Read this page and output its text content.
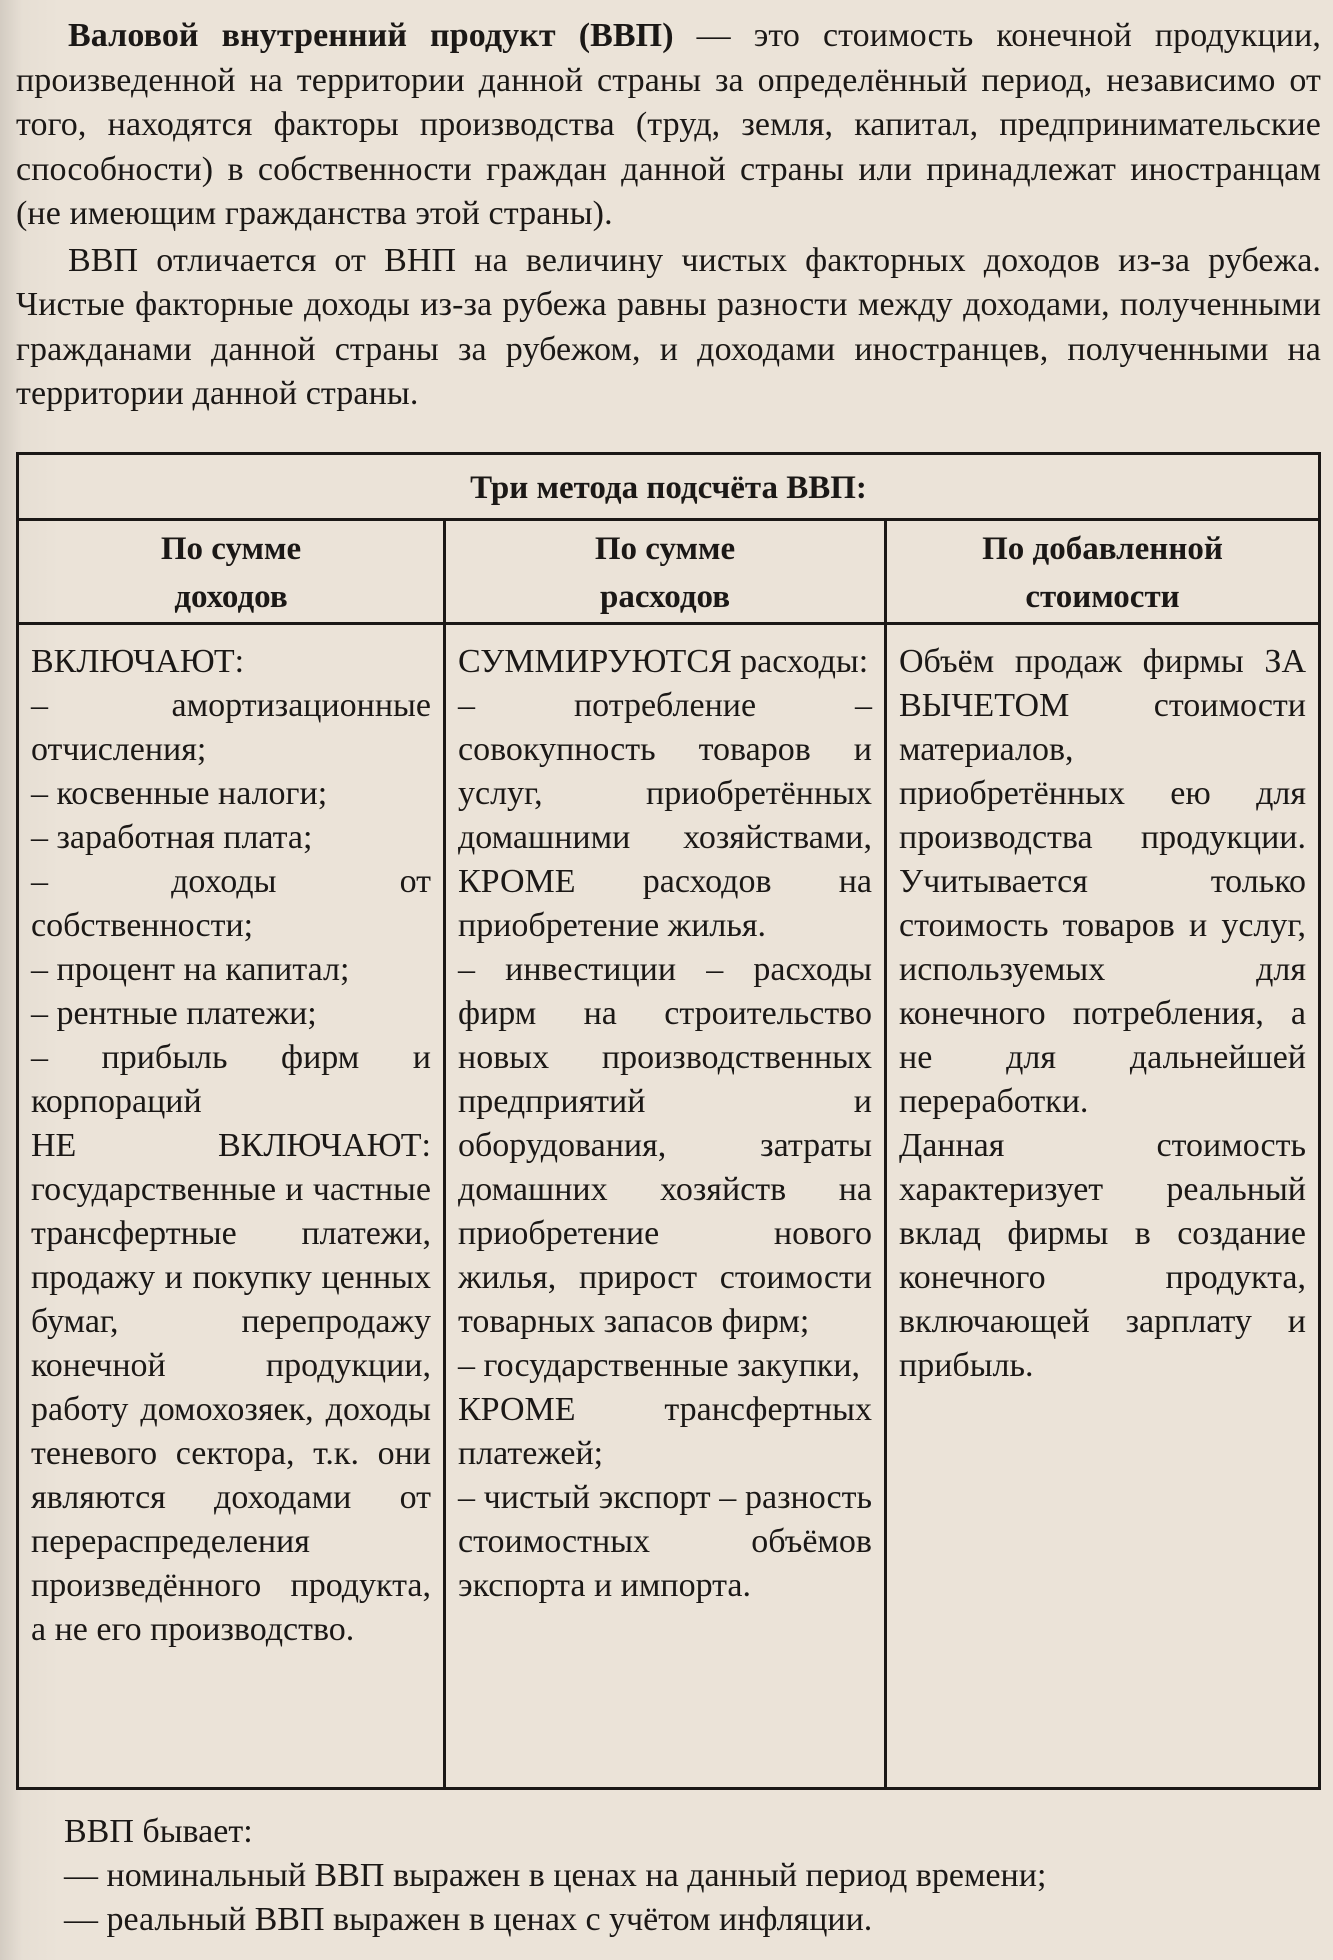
Валовой внутренний продукт (ВВП) — это стоимость конечной продукции, произведенной на территории данной страны за определённый период, независимо от того, находятся факторы производства (труд, земля, капитал, предпринимательские способности) в собственности граждан данной страны или принадлежат иностранцам (не имеющим гражданства этой страны).

ВВП отличается от ВНП на величину чистых факторных доходов из-за рубежа. Чистые факторные доходы из-за рубежа равны разности между доходами, полученными гражданами данной страны за рубежом, и доходами иностранцев, полученными на территории данной страны.

Три метода подсчёта ВВП:
По сумме
доходов
По сумме
расходов
По добавленной
стоимости
ВКЛЮЧАЮТ:
– амортизационные отчисления;
– косвенные налоги;
– заработная плата;
– доходы от собственности;
– процент на капитал;
– рентные платежи;
– прибыль фирм и корпораций
НЕ ВКЛЮЧАЮТ: государственные и частные трансфертные платежи, продажу и покупку ценных бумаг, перепродажу конечной продукции, работу домохозяек, доходы теневого сектора, т.к. они являются доходами от перераспределения произведённого продукта, а не его производство.
СУММИРУЮТСЯ расходы:
– потребление – совокупность товаров и услуг, приобретённых домашними хозяйствами, КРОМЕ расходов на приобретение жилья.
– инвестиции – расходы фирм на строительство новых производственных предприятий и оборудования, затраты домашних хозяйств на приобретение нового жилья, прирост стоимости товарных запасов фирм;
– государственные закупки,
КРОМЕ трансфертных платежей;
– чистый экспорт – разность стоимостных объёмов экспорта и импорта.
Объём продаж фирмы ЗА ВЫЧЕТОМ стоимости материалов, приобретённых ею для производства продукции. Учитывается только стоимость товаров и услуг, используемых для конечного потребления, а не для дальнейшей переработки.
Данная стоимость характеризует реальный вклад фирмы в создание конечного продукта, включающей зарплату и прибыль.

ВВП бывает:

— номинальный ВВП выражен в ценах на данный период времени;

— реальный ВВП выражен в ценах с учётом инфляции.
